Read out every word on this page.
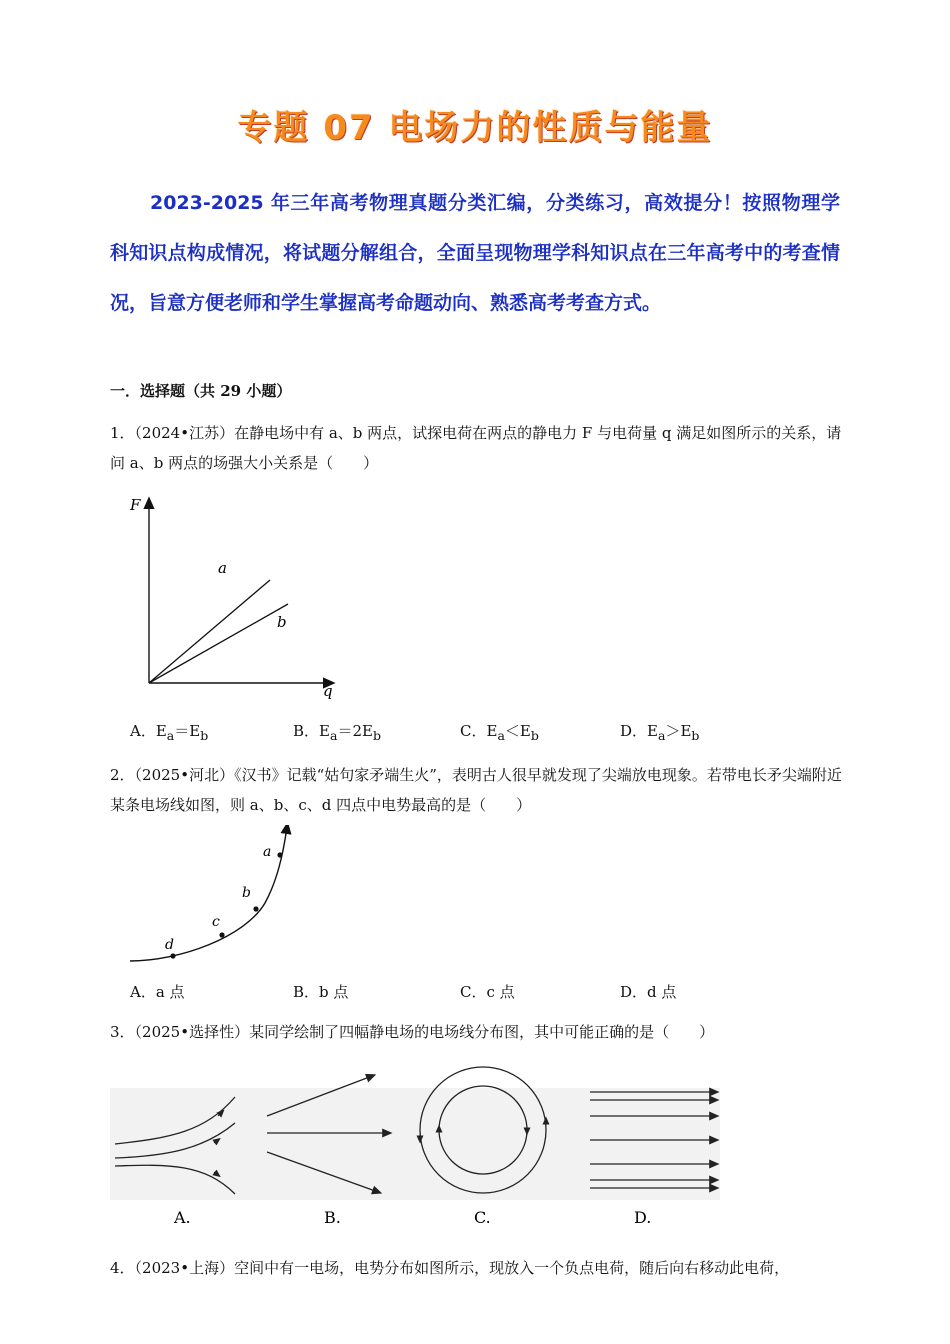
专题 07 电场力的性质与能量
2023-2025 年三年高考物理真题分类汇编，分类练习，高效提分！按照物理学科知识点构成情况，将试题分解组合，全面呈现物理学科知识点在三年高考中的考查情况，旨意方便老师和学生掌握高考命题动向、熟悉高考考查方式。
一．选择题（共 29 小题）
1．（2024•江苏）在静电场中有 a、b 两点，试探电荷在两点的静电力 F 与电荷量 q 满足如图所示的关系，请问 a、b 两点的场强大小关系是（　　）
F
q
a
b
A．$E_a=E_b$	B．$E_a=2E_b$	C．$E_a<E_b$	D．$E_a>E_b$
2．（2025•河北）《汉书》记载“姑句家矛端生火”，表明古人很早就发现了尖端放电现象。若带电长矛尖端附近某条电场线如图，则 a、b、c、d 四点中电势最高的是（　　）
a
b
c
d
A．a 点	B．b 点	C．c 点	D．d 点
3．（2025•选择性）某同学绘制了四幅静电场的电场线分布图，其中可能正确的是（　　）
A.	B.	C.	D.
4．（2023•上海）空间中有一电场，电势分布如图所示，现放入一个负点电荷，随后向右移动此电荷，
